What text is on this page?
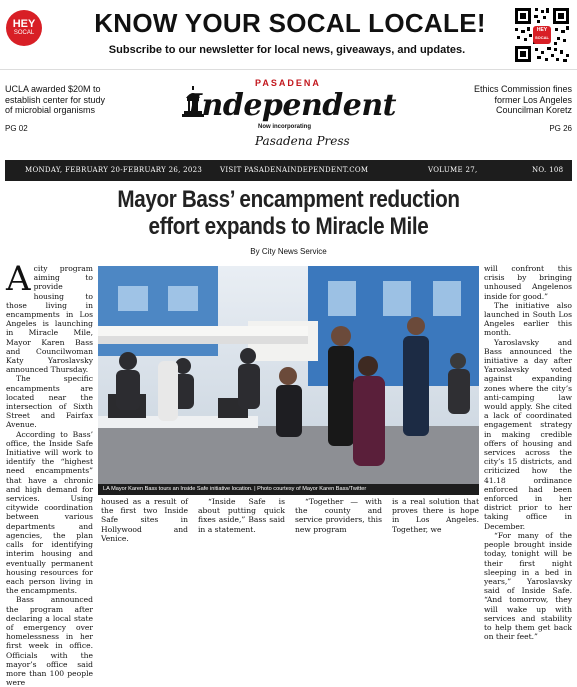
HEY
SOCAL	KNOW YOUR SOCAL LOCALE!
Subscribe to our newsletter for local news, giveaways, and updates.
HEY
SOCAL
UCLA awarded $20M to establish center for study of microbial organisms
PG 02
Ethics Commission fines former Los Angeles Councilman Koretz
PG 26
PASADENA
Independent
Now incorporating
Pasadena Press
MONDAY, FEBRUARY 20-FEBRUARY 26, 2023	VISIT PASADENAINDEPENDENT.COM	VOLUME 27,	NO. 108
Mayor Bass’ encampment reduction
effort expands to Miracle Mile
By City News Service

Acity program aiming to provide housing to those living in encampments in Los Angeles is launching in Miracle Mile, Mayor Karen Bass and Councilwoman Katy Yaroslavsky announced Thursday.

The specific encampments are located near the intersection of Sixth Street and Fairfax Avenue.

According to Bass’ office, the Inside Safe Initiative will work to identify the “highest need encampments” that have a chronic and high demand for services. Using citywide coordination between various departments and agencies, the plan calls for identifying interim housing and eventually permanent housing resources for each person living in the encampments.

Bass announced the program after declaring a local state of emergency over homelessness in her first week in office. Officials with the mayor’s office said more than 100 people were

LA Mayor Karen Bass tours an Inside Safe initiative location. | Photo courtesy of Mayor Karen Bass/Twitter

housed as a result of the first two Inside Safe sites in Hollywood and Venice.

“Inside Safe is about putting quick fixes aside,” Bass said in a statement.

“Together — with the county and service providers, this new program

is a real solution that proves there is hope in Los Angeles. Together, we

will confront this crisis by bringing unhoused Angelenos inside for good.”

The initiative also launched in South Los Angeles earlier this month.

Yaroslavsky and Bass announced the initiative a day after Yaroslavsky voted against expanding zones where the city’s anti-camping law would apply. She cited a lack of coordinated engagement strategy in making credible offers of housing and services across the city’s 15 districts, and criticized how the 41.18 ordinance enforced had been enforced in her district prior to her taking office in December.

“For many of the people brought inside today, tonight will be their first night sleeping in a bed in years,” Yaroslavsky said of Inside Safe. “And tomorrow, they will wake up with services and stability to help them get back on their feet.”
